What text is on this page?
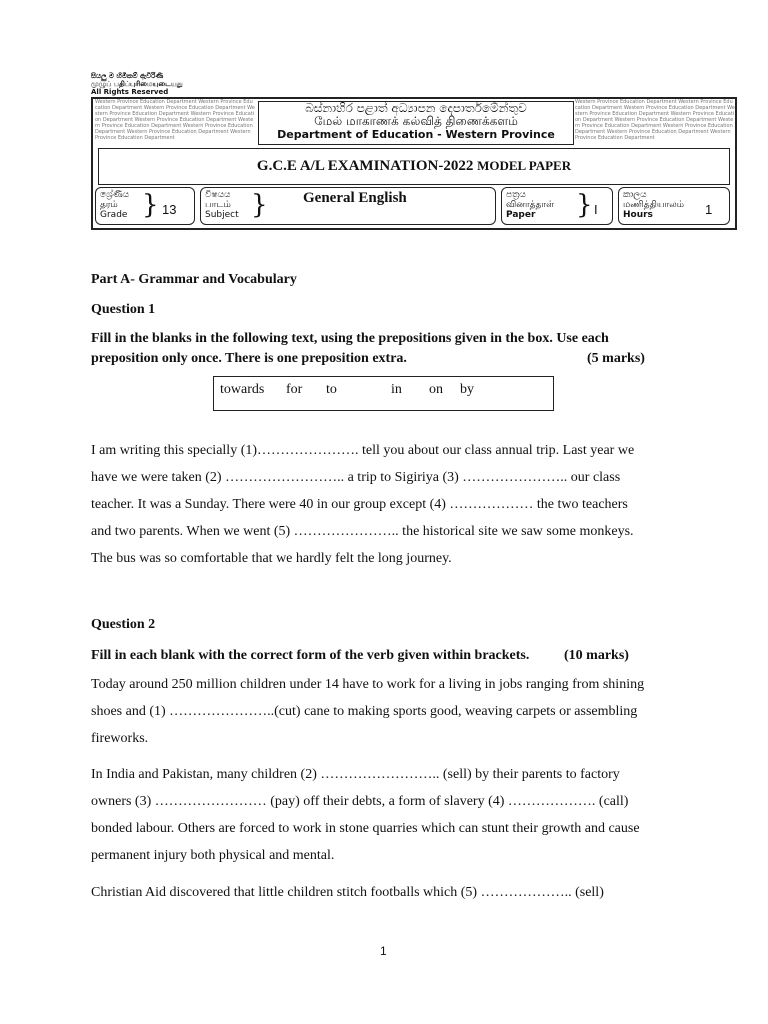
සියලු ම හිමිකම් ඇවිරිණි
முழுப் பதிப்புரிமையுடையது
All Rights Reserved
Western Province Education Department Western Province Education Department Western Province Education Department Western Province Education Department Western Province Education Department Western Province Education Department Western Province Education Department Western Province Education Department Western Province Education Department Western Province Education Department
Western Province Education Department Western Province Education Department Western Province Education Department Western Province Education Department Western Province Education Department Western Province Education Department Western Province Education Department Western Province Education Department Western Province Education Department Western Province Education Department
බස්නාහිර පළාත් අධ්‍යාපන දෙපාර්තමේන්තුව
மேல் மாகாணக் கல்வித் திணைக்களம்
Department of Education - Western Province
G.C.E A/L EXAMINATION-2022 MODEL PAPER
ශ්‍රේණිය
தரம்
Grade } 13
විෂයය
பாடம்
Subject } General English	පත්‍රය
வினாத்தாள்
Paper	} I
කාලය
மணித்தியாலம்
Hours	1
Part A- Grammar and Vocabulary
Question 1
Fill in the blanks in the following text, using the prepositions given in the box. Use each
preposition only once. There is one preposition extra.	(5 marks)
towards for to	in on by
I am writing this specially (1)…………………. tell you about our class annual trip. Last year we
have we were taken (2) …………………….. a trip to Sigiriya (3) ………………….. our class
teacher. It was a Sunday. There were 40 in our group except (4) ……………… the two teachers
and two parents. When we went (5) ………………….. the historical site we saw some monkeys.
The bus was so comfortable that we hardly felt the long journey.
Question 2
Fill in each blank with the correct form of the verb given within brackets. (10 marks)
Today around 250 million children under 14 have to work for a living in jobs ranging from shining
shoes and (1) …………………..(cut) cane to making sports good, weaving carpets or assembling
fireworks.
In India and Pakistan, many children (2) …………………….. (sell) by their parents to factory
owners (3) …………………… (pay) off their debts, a form of slavery (4) ………………. (call)
bonded labour. Others are forced to work in stone quarries which can stunt their growth and cause
permanent injury both physical and mental.
Christian Aid discovered that little children stitch footballs which (5) ……………….. (sell)
1
